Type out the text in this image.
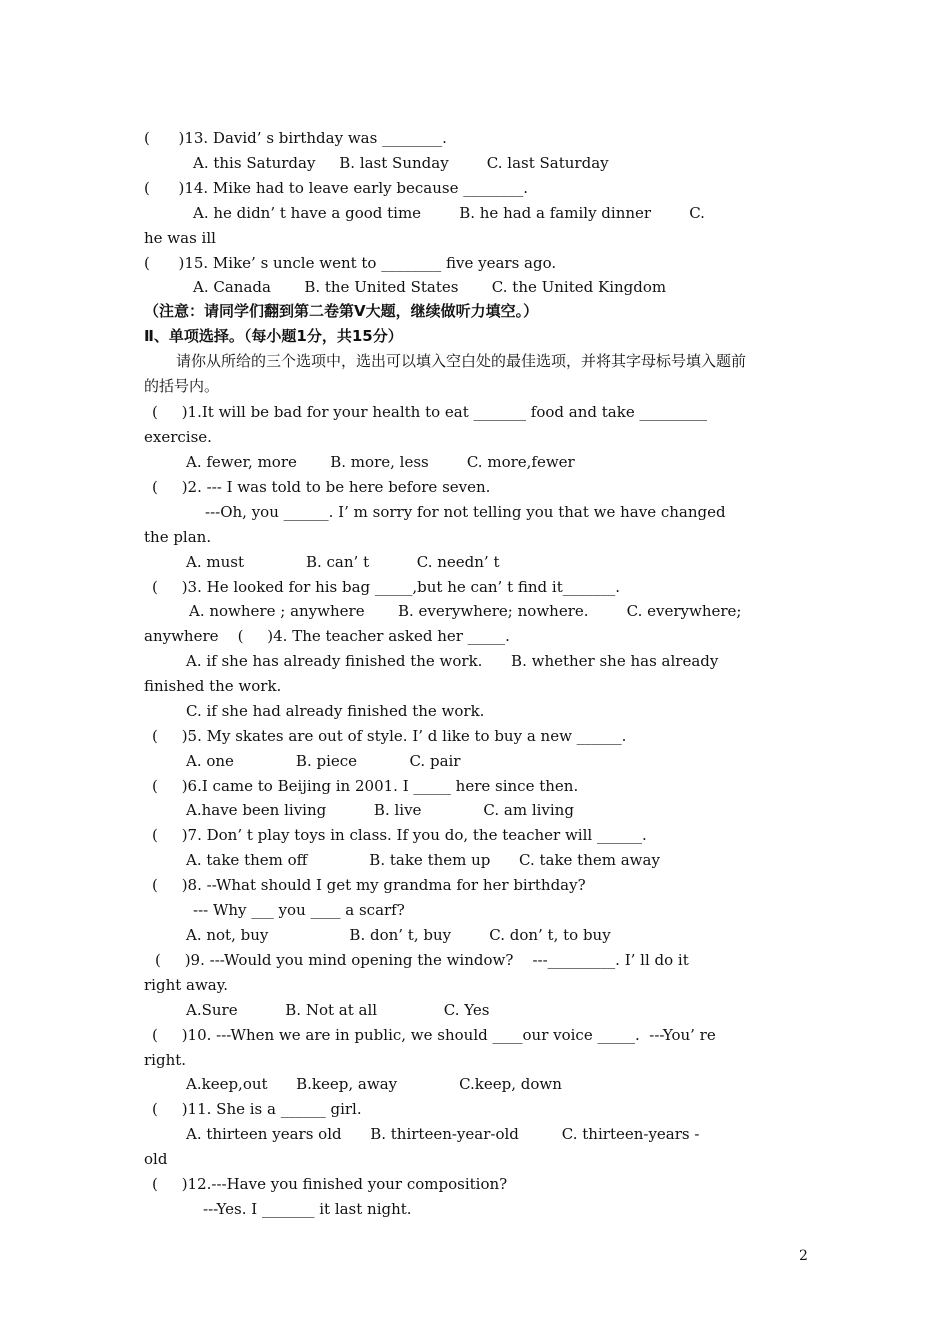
(      )13. David’ s birthday was ________.
A. this Saturday     B. last Sunday        C. last Saturday
(      )14. Mike had to leave early because ________.
A. he didn’ t have a good time        B. he had a family dinner        C.
he was ill
(      )15. Mike’ s uncle went to ________ five years ago.
A. Canada       B. the United States       C. the United Kingdom
（注意：请同学们翻到第二卷第Ⅴ大题，继续做听力填空。）
Ⅱ、单项选择。（每小题1分，共15分）
请你从所给的三个选项中，选出可以填入空白处的最佳选项，并将其字母标号填入题前
的括号内。
(     )1.It will be bad for your health to eat _______ food and take _________
exercise.
A. fewer, more       B. more, less        C. more,fewer
(     )2. --- I was told to be here before seven.
---Oh, you ______. I’ m sorry for not telling you that we have changed
the plan.
A. must             B. can’ t          C. needn’ t
(     )3. He looked for his bag _____,but he can’ t find it_______.
A. nowhere ; anywhere       B. everywhere; nowhere.        C. everywhere;
anywhere    (     )4. The teacher asked her _____.
A. if she has already finished the work.      B. whether she has already
finished the work.
C. if she had already finished the work.
(     )5. My skates are out of style. I’ d like to buy a new ______.
A. one             B. piece           C. pair
(     )6.I came to Beijing in 2001. I _____ here since then.
A.have been living          B. live             C. am living
(     )7. Don’ t play toys in class. If you do, the teacher will ______.
A. take them off             B. take them up      C. take them away
(     )8. --What should I get my grandma for her birthday?
--- Why ___ you ____ a scarf?
A. not, buy                 B. don’ t, buy        C. don’ t, to buy
(     )9. ---Would you mind opening the window?    ---_________. I’ ll do it
right away.
A.Sure          B. Not at all              C. Yes
(     )10. ---When we are in public, we should ____our voice _____.  ---You’ re
right.
A.keep,out      B.keep, away             C.keep, down
(     )11. She is a ______ girl.
A. thirteen years old      B. thirteen-year-old         C. thirteen-years -
old
(     )12.---Have you finished your composition?
---Yes. I _______ it last night.
2
